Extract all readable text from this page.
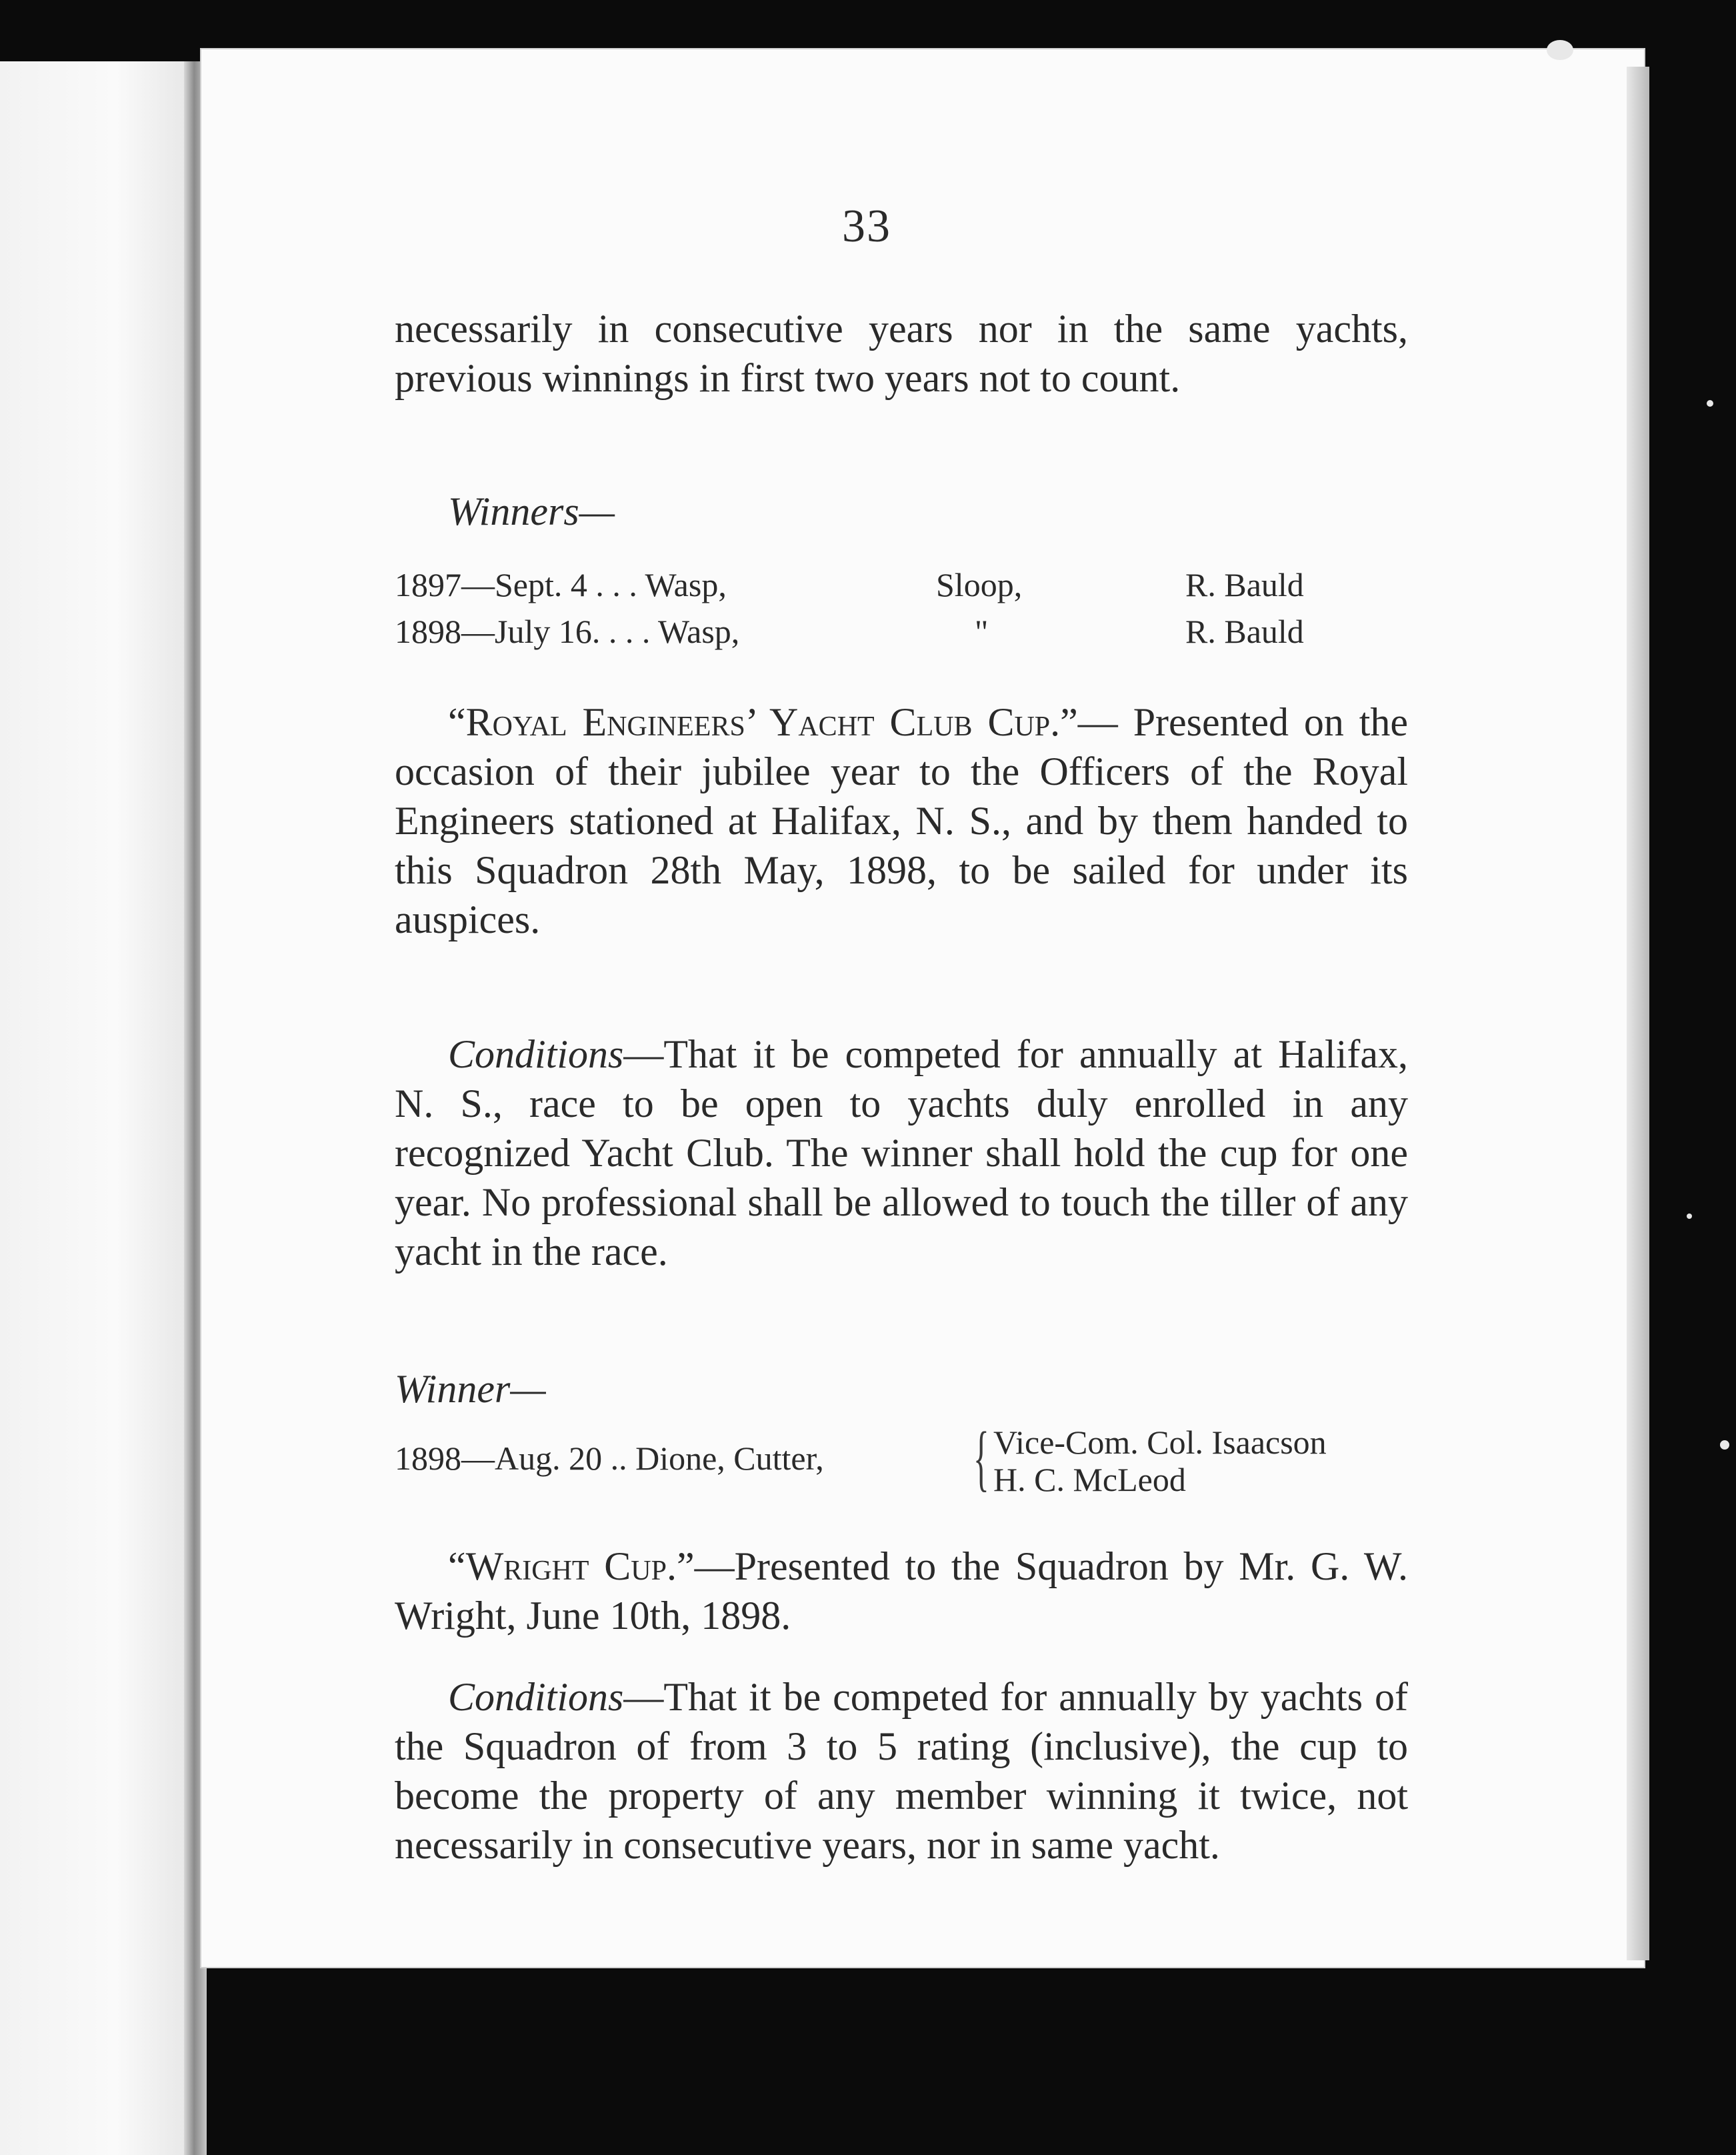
33

necessarily in consecutive years nor in the same yachts, previous winnings in first two years not to count.

Winners—

1897—Sept. 4 . . . Wasp,	Sloop,	R. Bauld
1898—July 16. . . . Wasp,	"	R. Bauld

“Royal Engineers’ Yacht Club Cup.”— Presented on the occasion of their jubilee year to the Officers of the Royal Engineers stationed at Halifax, N. S., and by them handed to this Squadron 28th May, 1898, to be sailed for under its auspices.

Conditions—That it be competed for annually at Halifax, N. S., race to be open to yachts duly enrolled in any recognized Yacht Club. The winner shall hold the cup for one year. No professional shall be allowed to touch the tiller of any yacht in the race.

Winner—

1898—Aug. 20 .. Dione, Cutter, { Vice-Com. Col. Isaacson
H. C. McLeod

“Wright Cup.”—Presented to the Squadron by Mr. G. W. Wright, June 10th, 1898.

Conditions—That it be competed for annually by yachts of the Squadron of from 3 to 5 rating (inclusive), the cup to become the property of any member winning it twice, not necessarily in consecutive years, nor in same yacht.
